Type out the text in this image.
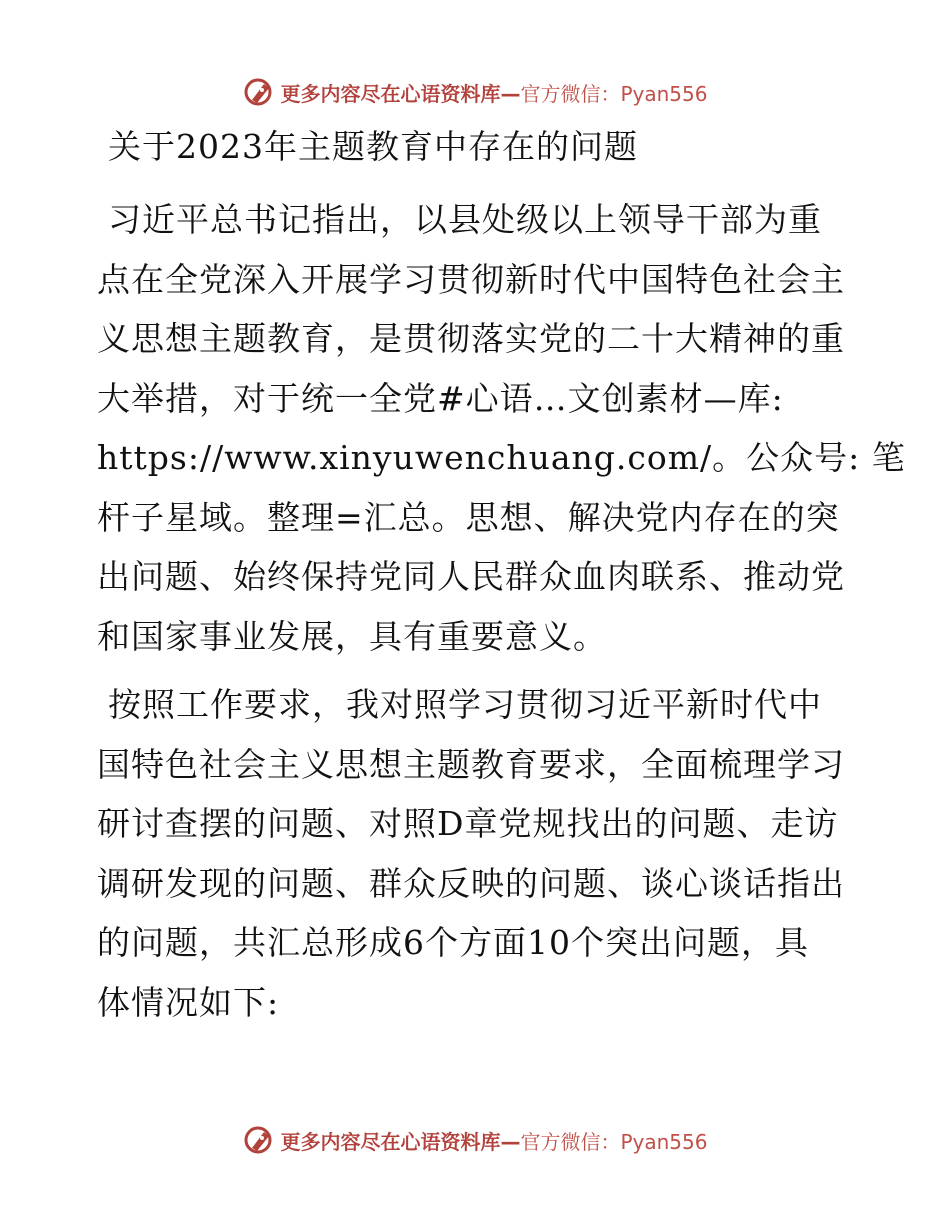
更多内容尽在心语资料库— 官方微信：Pyan556
关于2023年主题教育中存在的问题
习近平总书记指出，以县处级以上领导干部为重
点在全党深入开展学习贯彻新时代中国特色社会主
义思想主题教育，是贯彻落实党的二十大精神的重
大举措，对于统一全党#心语…文创素材—库:
https://www.xinyuwenchuang.com/。公众号: 笔
杆子星域。整理=汇总。思想、解决党内存在的突
出问题、始终保持党同人民群众血肉联系、推动党
和国家事业发展，具有重要意义。
按照工作要求，我对照学习贯彻习近平新时代中
国特色社会主义思想主题教育要求，全面梳理学习
研讨查摆的问题、对照D章党规找出的问题、走访
调研发现的问题、群众反映的问题、谈心谈话指出
的问题，共汇总形成6个方面10个突出问题，具
体情况如下:
更多内容尽在心语资料库— 官方微信：Pyan556
